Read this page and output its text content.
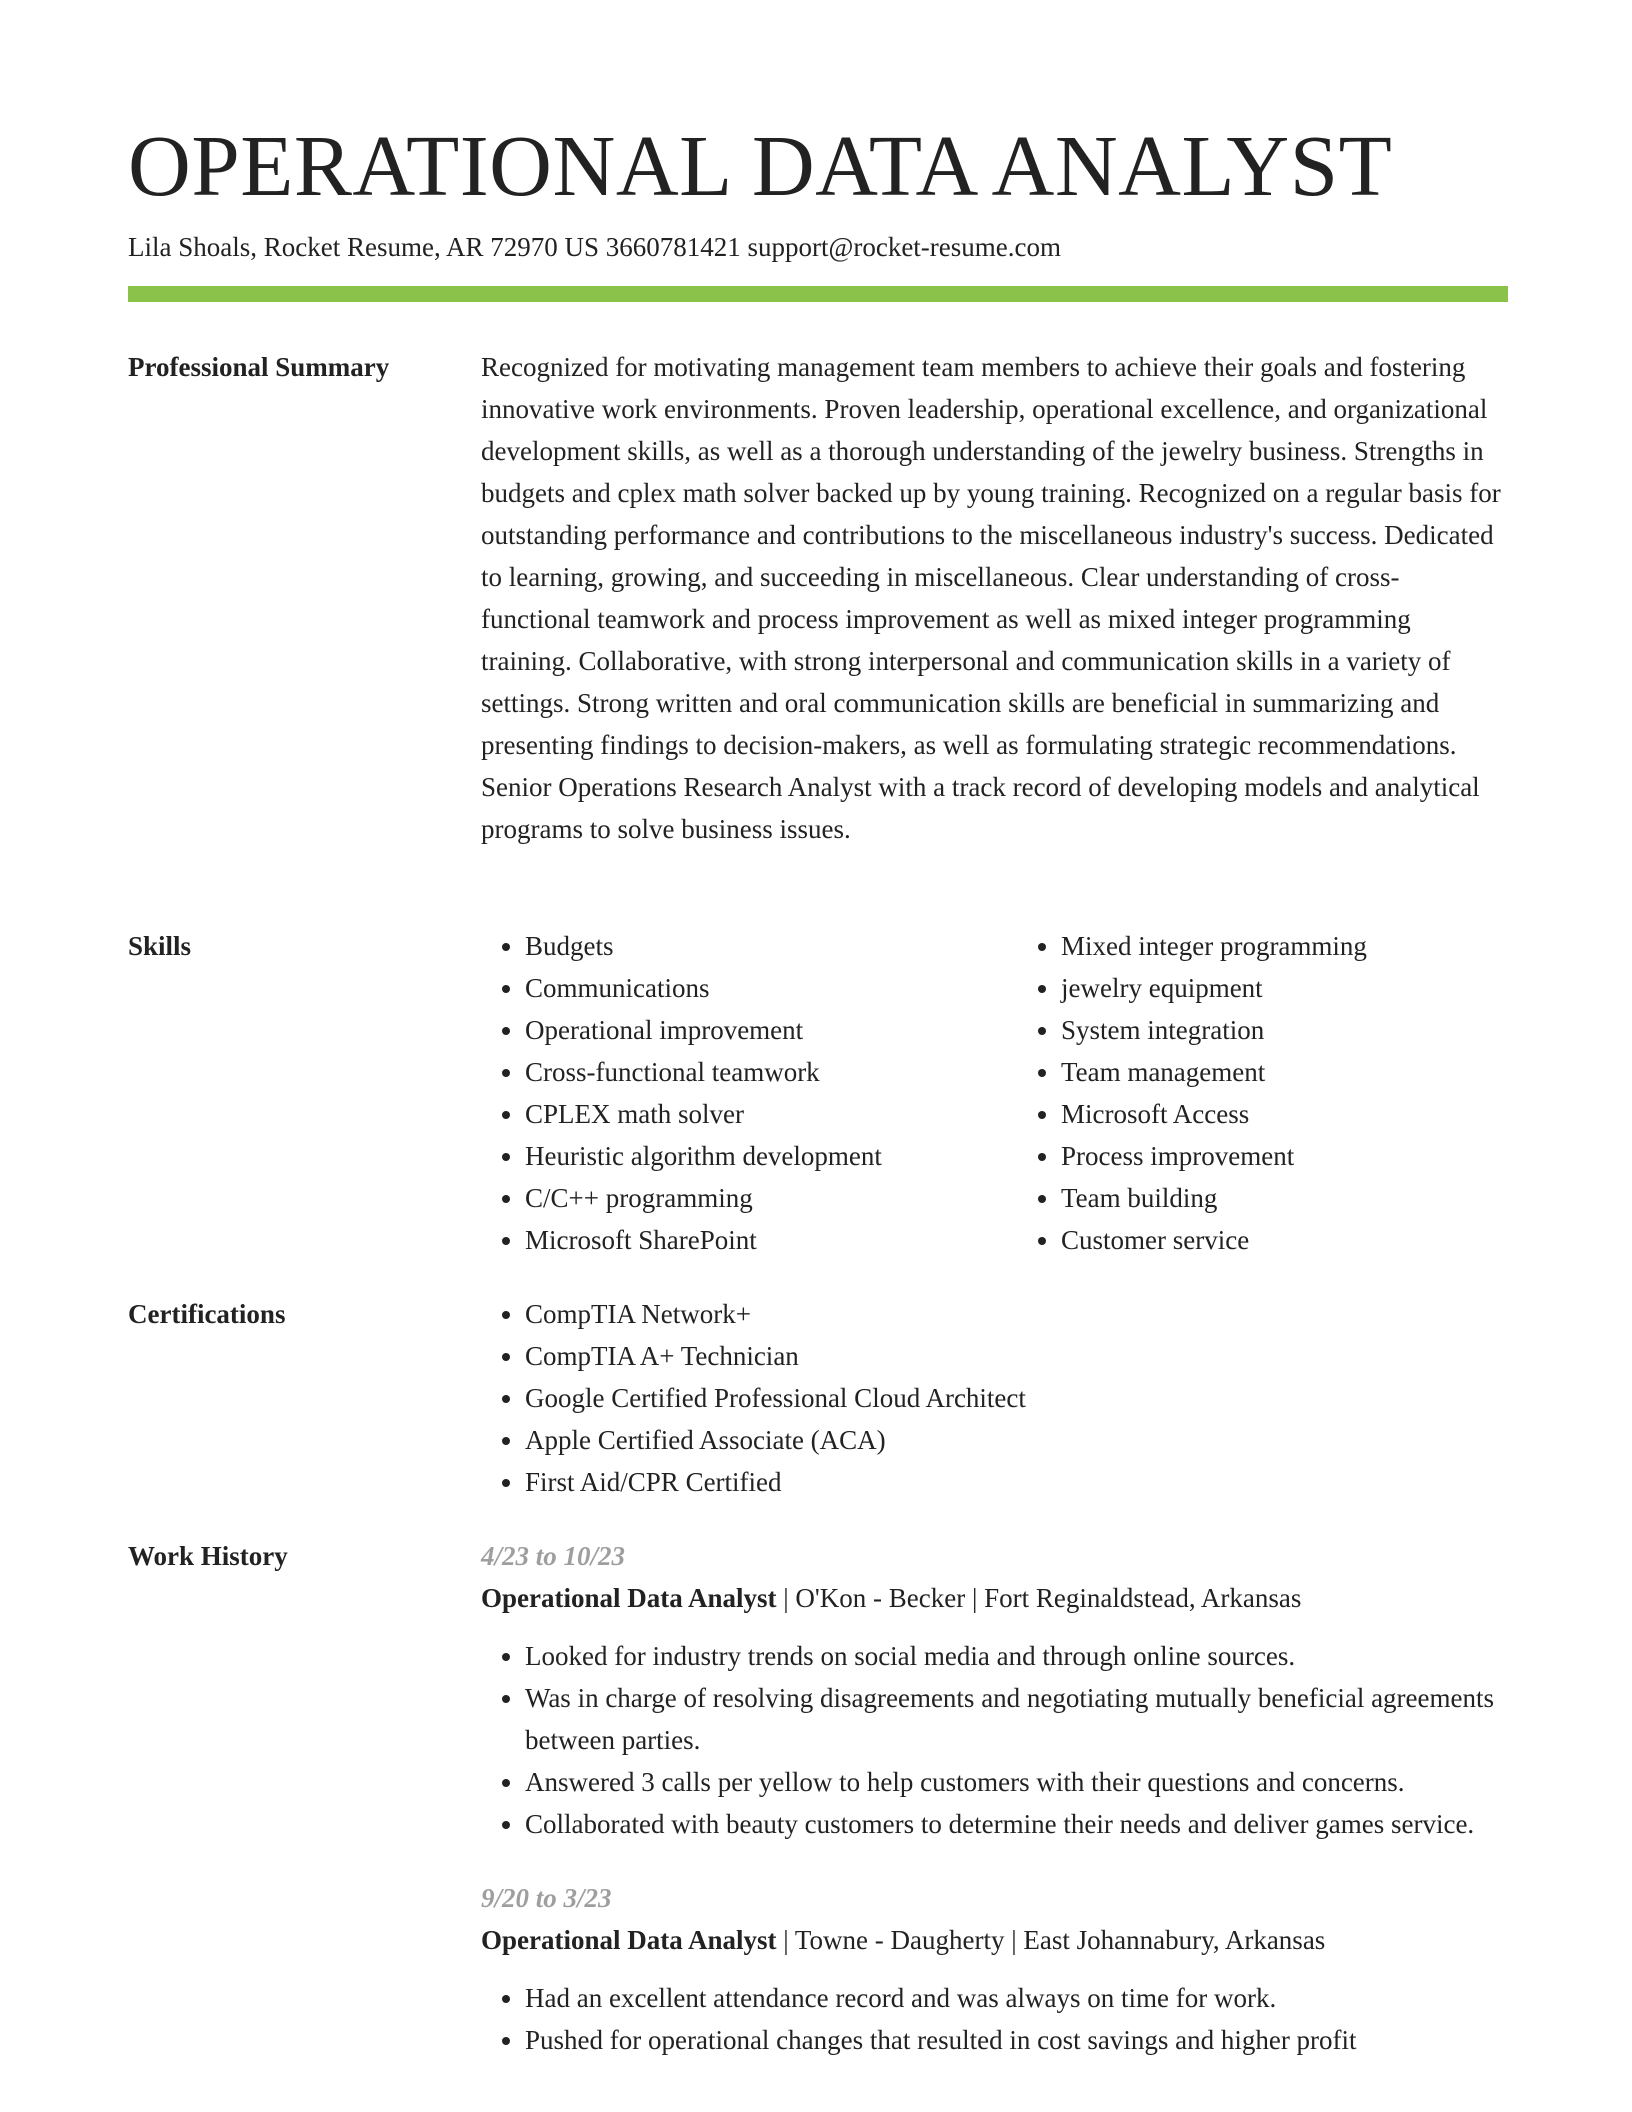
OPERATIONAL DATA ANALYST
Lila Shoals, Rocket Resume, AR 72970 US 3660781421 support@rocket-resume.com
Professional Summary	Recognized for motivating management team members to achieve their goals and fostering innovative work environments. Proven leadership, operational excellence, and organizational development skills, as well as a thorough understanding of the jewelry business. Strengths in budgets and cplex math solver backed up by young training. Recognized on a regular basis for outstanding performance and contributions to the miscellaneous industry's success. Dedicated to learning, growing, and succeeding in miscellaneous. Clear understanding of cross-functional teamwork and process improvement as well as mixed integer programming training. Collaborative, with strong interpersonal and communication skills in a variety of settings. Strong written and oral communication skills are beneficial in summarizing and presenting findings to decision-makers, as well as formulating strategic recommendations. Senior Operations Research Analyst with a track record of developing models and analytical programs to solve business issues.

Skills	• Budgets
• Communications
• Operational improvement
• Cross-functional teamwork
• CPLEX math solver
• Heuristic algorithm development
• C/C++ programming
• Microsoft SharePoint
• Mixed integer programming
• jewelry equipment
• System integration
• Team management
• Microsoft Access
• Process improvement
• Team building
• Customer service
Certifications	• CompTIA Network+
• CompTIA A+ Technician
• Google Certified Professional Cloud Architect
• Apple Certified Associate (ACA)
• First Aid/CPR Certified
Work History	4/23 to 10/23
Operational Data Analyst | O'Kon - Becker | Fort Reginaldstead, Arkansas
• Looked for industry trends on social media and through online sources.
• Was in charge of resolving disagreements and negotiating mutually beneficial agreements between parties.
• Answered 3 calls per yellow to help customers with their questions and concerns.
• Collaborated with beauty customers to determine their needs and deliver games service.
9/20 to 3/23
Operational Data Analyst | Towne - Daugherty | East Johannabury, Arkansas
• Had an excellent attendance record and was always on time for work.
• Pushed for operational changes that resulted in cost savings and higher profit
